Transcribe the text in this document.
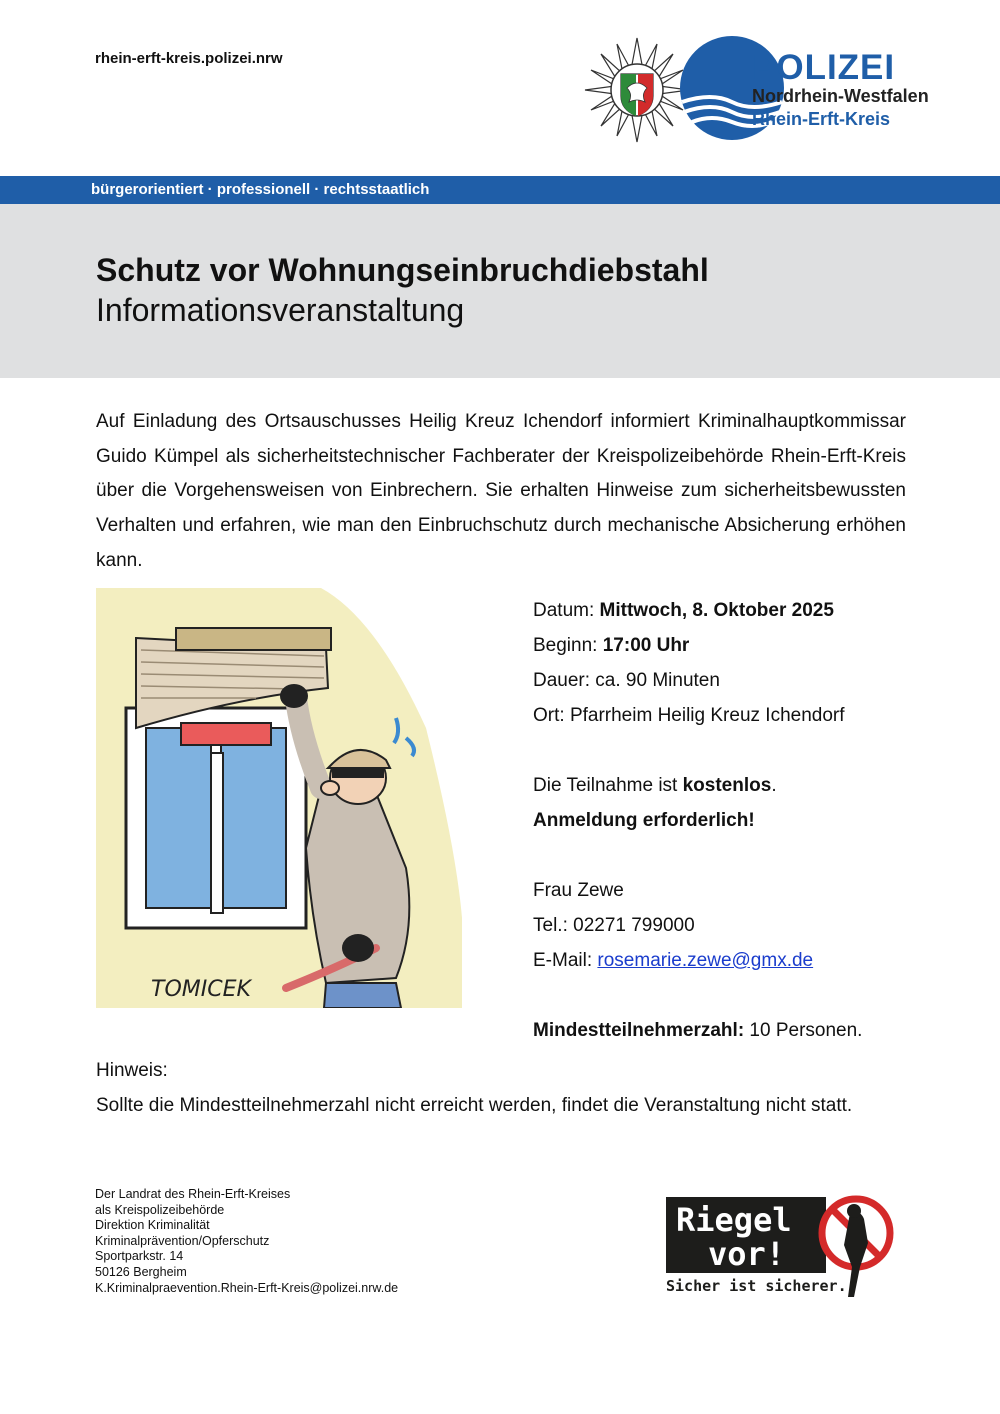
rhein-erft-kreis.polizei.nrw	POLIZEI
Nordrhein-Westfalen
Rhein-Erft-Kreis
bürgerorientiert · professionell · rechtsstaatlich
Schutz vor Wohnungseinbruchdiebstahl
Informationsveranstaltung
Auf Einladung des Ortsauschusses Heilig Kreuz Ichendorf informiert Kriminalhauptkommissar Guido Kümpel als sicherheitstechnischer Fachberater der Kreispolizeibehörde Rhein-Erft-Kreis über die Vorgehensweisen von Einbrechern. Sie erhalten Hinweise zum sicherheitsbewussten Verhalten und erfahren, wie man den Einbruchschutz durch mechanische Absicherung erhöhen kann.
TOMICEK
Datum: Mittwoch, 8. Oktober 2025
Beginn: 17:00 Uhr
Dauer: ca. 90 Minuten
Ort: Pfarrheim Heilig Kreuz Ichendorf
Die Teilnahme ist kostenlos.
Anmeldung erforderlich!
Frau Zewe
Tel.: 02271 799000
E-Mail: rosemarie.zewe@gmx.de
Mindestteilnehmerzahl: 10 Personen.
Hinweis:
Sollte die Mindestteilnehmerzahl nicht erreicht werden, findet die Veranstaltung nicht statt.
Der Landrat des Rhein-Erft-Kreises
als Kreispolizeibehörde
Direktion Kriminalität
Kriminalprävention/Opferschutz
Sportparkstr. 14
50126 Bergheim
K.Kriminalpraevention.Rhein-Erft-Kreis@polizei.nrw.de
Riegel
vor!
Sicher ist sicherer.
